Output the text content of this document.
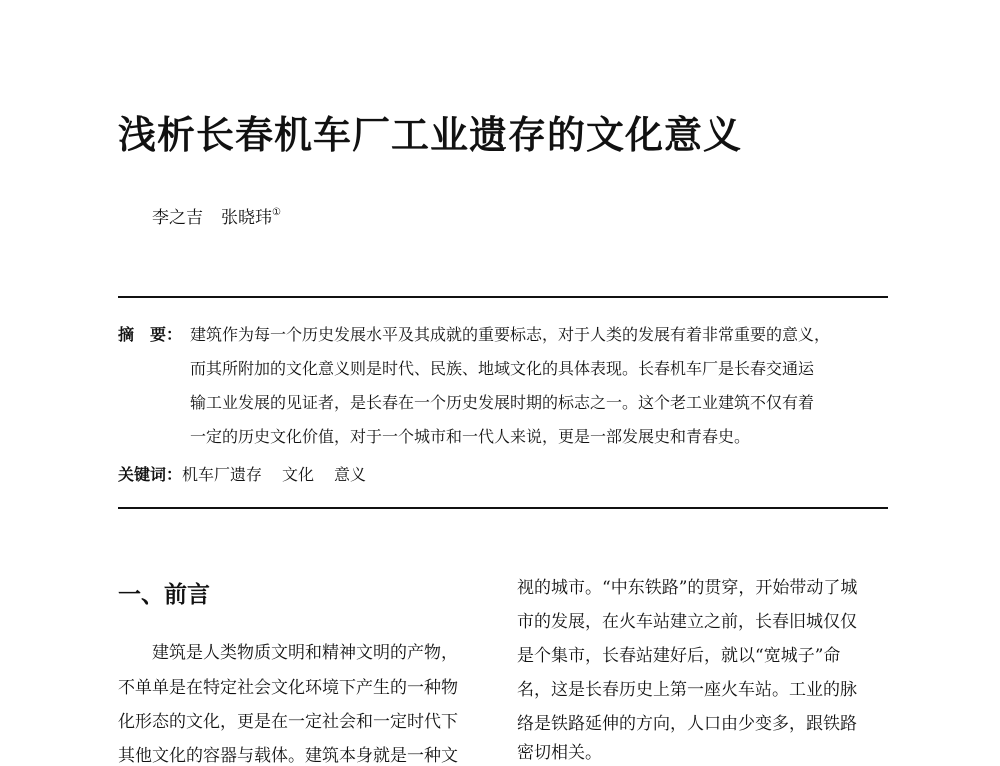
浅析长春机车厂工业遗存的文化意义
李之吉 张晓玮①
摘　要： 建筑作为每一个历史发展水平及其成就的重要标志，对于人类的发展有着非常重要的意义，
而其所附加的文化意义则是时代、民族、地域文化的具体表现。长春机车厂是长春交通运
输工业发展的见证者，是长春在一个历史发展时期的标志之一。这个老工业建筑不仅有着
一定的历史文化价值，对于一个城市和一代人来说，更是一部发展史和青春史。
关键词：机车厂遗存 文化 意义
一、前言
建筑是人类物质文明和精神文明的产物，
不单单是在特定社会文化环境下产生的一种物
化形态的文化，更是在一定社会和一定时代下
其他文化的容器与载体。建筑本身就是一种文
视的城市。“中东铁路”的贯穿，开始带动了城
市的发展，在火车站建立之前，长春旧城仅仅
是个集市，长春站建好后，就以“宽城子”命
名，这是长春历史上第一座火车站。工业的脉
络是铁路延伸的方向，人口由少变多，跟铁路
密切相关。
